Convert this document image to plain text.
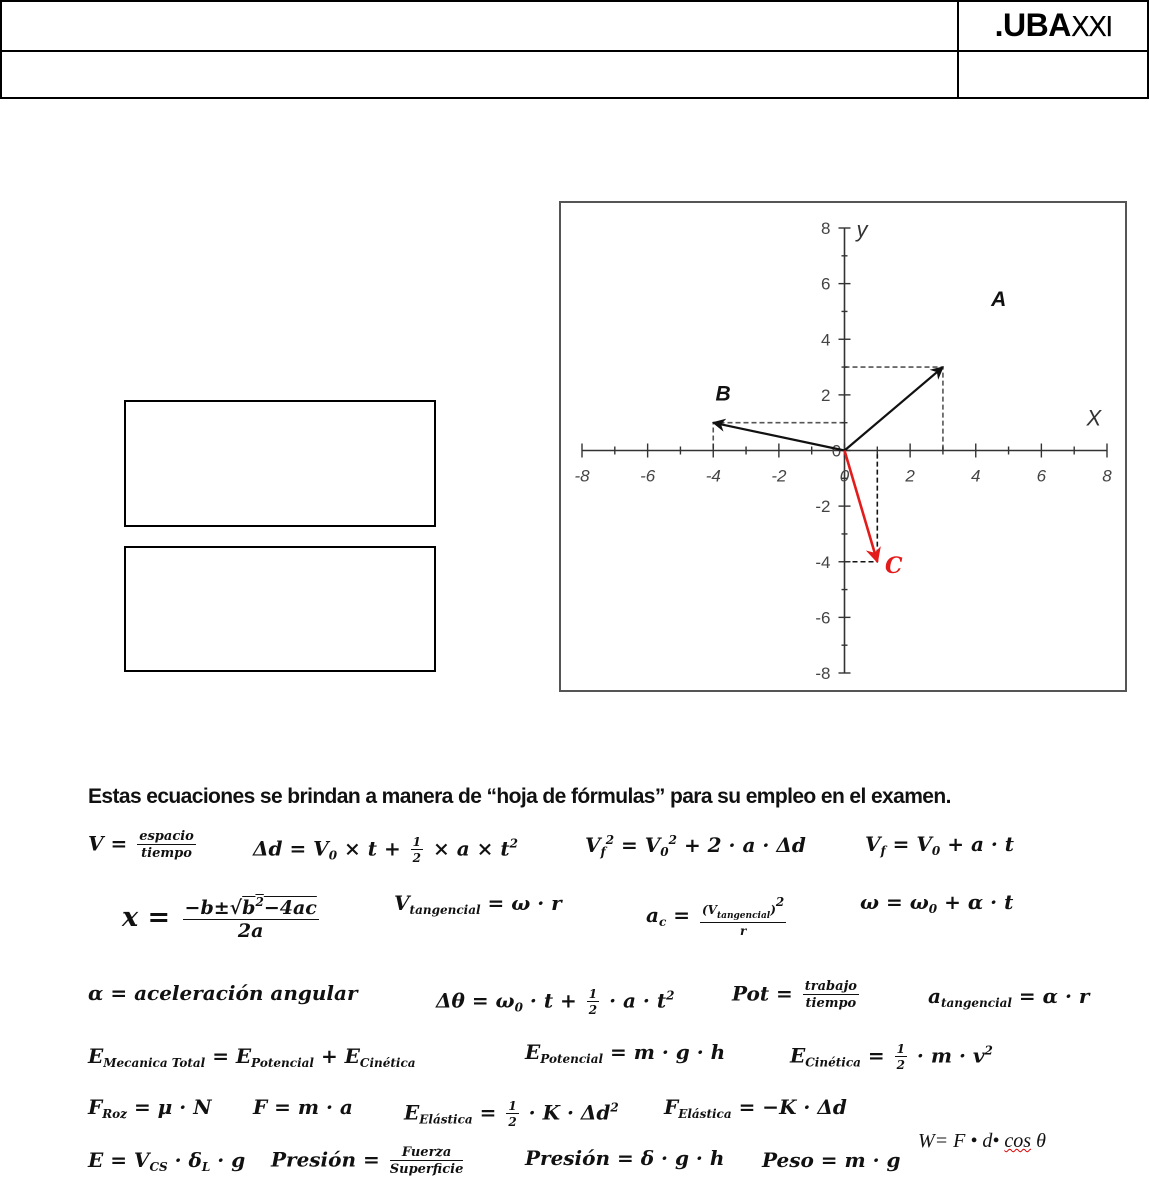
	.UBAXXI

-8	-6	-4	-2	0	2	4	6	8
8
6
4
2
-2
-4
-6
-8
0
X
y
A
B
C
Estas ecuaciones se brindan a manera de “hoja de fórmulas” para su empleo en el examen.
$V = \frac{\text{espacio}}{\text{tiempo}}$	$\Delta d = V_0 \times t + \frac{1}{2} \times a \times t^2$	$V_f^2 = V_0^2 + 2 \cdot a \cdot \Delta d$	$V_f = V_0 + a \cdot t$
$x = \frac{-b\pm√b^2-4ac}{2a}$	$V_{tangencial} = \omega \cdot r$	$a_c = \frac{(V_{tangencial})^2}{r}$	$\omega = \omega_0 + \alpha \cdot t$
α = aceleración angular	$\Delta\theta = \omega_0 \cdot t + \frac{1}{2} \cdot a \cdot t^2$	Pot = $\frac{\text{trabajo}}{\text{tiempo}}$	$a_{tangencial} = \alpha \cdot r$
$E_{Mecanica Total} = E_{Potencial} + E_{Cinética}$	$E_{Potencial} = m \cdot g \cdot h$	$E_{Cinética} = \frac{1}{2} \cdot m \cdot v^2$
$F_{Roz} = \mu \cdot N$ F = m · a	$E_{Elástica} = \frac{1}{2} \cdot K \cdot \Delta d^2$ $F_{Elástica} = -K \cdot \Delta d$
$E = V_{CS} \cdot \delta_L \cdot g$ Presión = $\frac{\text{Fuerza}}{\text{Superficie}}$	Presión = δ · g · h Peso = m · g
W= F • d• cos θ
